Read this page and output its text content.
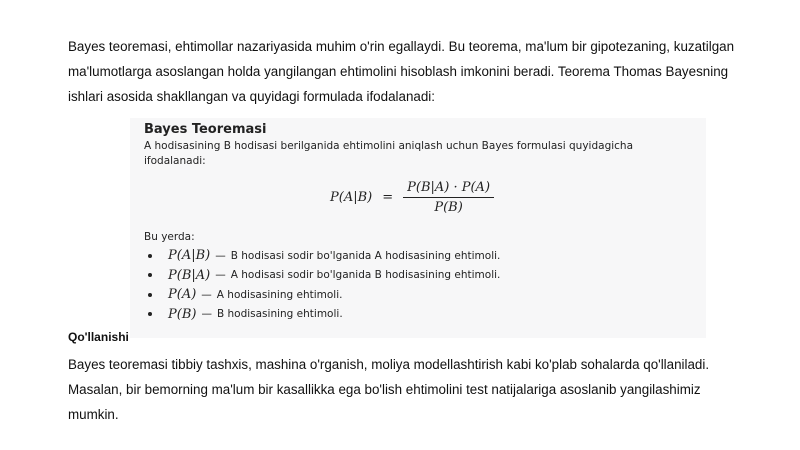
Bayes teoremasi, ehtimollar nazariyasida muhim o'rin egallaydi. Bu teorema, ma'lum bir gipotezaning, kuzatilgan ma'lumotlarga asoslangan holda yangilangan ehtimolini hisoblash imkonini beradi. Teorema Thomas Bayesning ishlari asosida shakllangan va quyidagi formulada ifodalanadi:

Bayes Teoremasi

A hodisasining B hodisasi berilganida ehtimolini aniqlash uchun Bayes formulasi quyidagicha ifodalanadi:

$P(A|B) = \frac{P(B|A) \cdot P(A)}{P(B)}$

Bu yerda:

P(A|B) — B hodisasi sodir bo'lganida A hodisasining ehtimoli.
P(B|A) — A hodisasi sodir bo'lganida B hodisasining ehtimoli.
P(A) — A hodisasining ehtimoli.
P(B) — B hodisasining ehtimoli.

Qo'llanishi

Bayes teoremasi tibbiy tashxis, mashina o'rganish, moliya modellashtirish kabi ko'plab sohalarda qo'llaniladi. Masalan, bir bemorning ma'lum bir kasallikka ega bo'lish ehtimolini test natijalariga asoslanib yangilashimiz mumkin.
